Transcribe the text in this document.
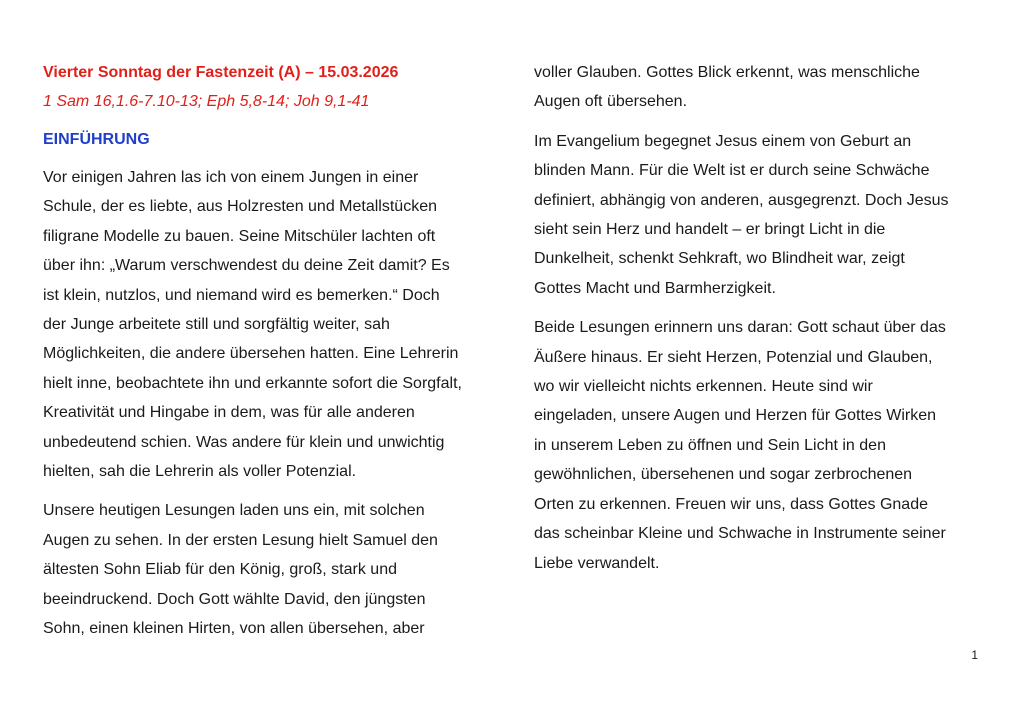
Vierter Sonntag der Fastenzeit (A) – 15.03.2026

1 Sam 16,1.6-7.10-13; Eph 5,8-14; Joh 9,1-41

EINFÜHRUNG

Vor einigen Jahren las ich von einem Jungen in einer
Schule, der es liebte, aus Holzresten und Metallstücken
filigrane Modelle zu bauen. Seine Mitschüler lachten oft
über ihn: „Warum verschwendest du deine Zeit damit? Es
ist klein, nutzlos, und niemand wird es bemerken.“ Doch
der Junge arbeitete still und sorgfältig weiter, sah
Möglichkeiten, die andere übersehen hatten. Eine Lehrerin
hielt inne, beobachtete ihn und erkannte sofort die Sorgfalt,
Kreativität und Hingabe in dem, was für alle anderen
unbedeutend schien. Was andere für klein und unwichtig
hielten, sah die Lehrerin als voller Potenzial.

Unsere heutigen Lesungen laden uns ein, mit solchen
Augen zu sehen. In der ersten Lesung hielt Samuel den
ältesten Sohn Eliab für den König, groß, stark und
beeindruckend. Doch Gott wählte David, den jüngsten
Sohn, einen kleinen Hirten, von allen übersehen, aber

voller Glauben. Gottes Blick erkennt, was menschliche
Augen oft übersehen.

Im Evangelium begegnet Jesus einem von Geburt an
blinden Mann. Für die Welt ist er durch seine Schwäche
definiert, abhängig von anderen, ausgegrenzt. Doch Jesus
sieht sein Herz und handelt – er bringt Licht in die
Dunkelheit, schenkt Sehkraft, wo Blindheit war, zeigt
Gottes Macht und Barmherzigkeit.

Beide Lesungen erinnern uns daran: Gott schaut über das
Äußere hinaus. Er sieht Herzen, Potenzial und Glauben,
wo wir vielleicht nichts erkennen. Heute sind wir
eingeladen, unsere Augen und Herzen für Gottes Wirken
in unserem Leben zu öffnen und Sein Licht in den
gewöhnlichen, übersehenen und sogar zerbrochenen
Orten zu erkennen. Freuen wir uns, dass Gottes Gnade
das scheinbar Kleine und Schwache in Instrumente seiner
Liebe verwandelt.

1
